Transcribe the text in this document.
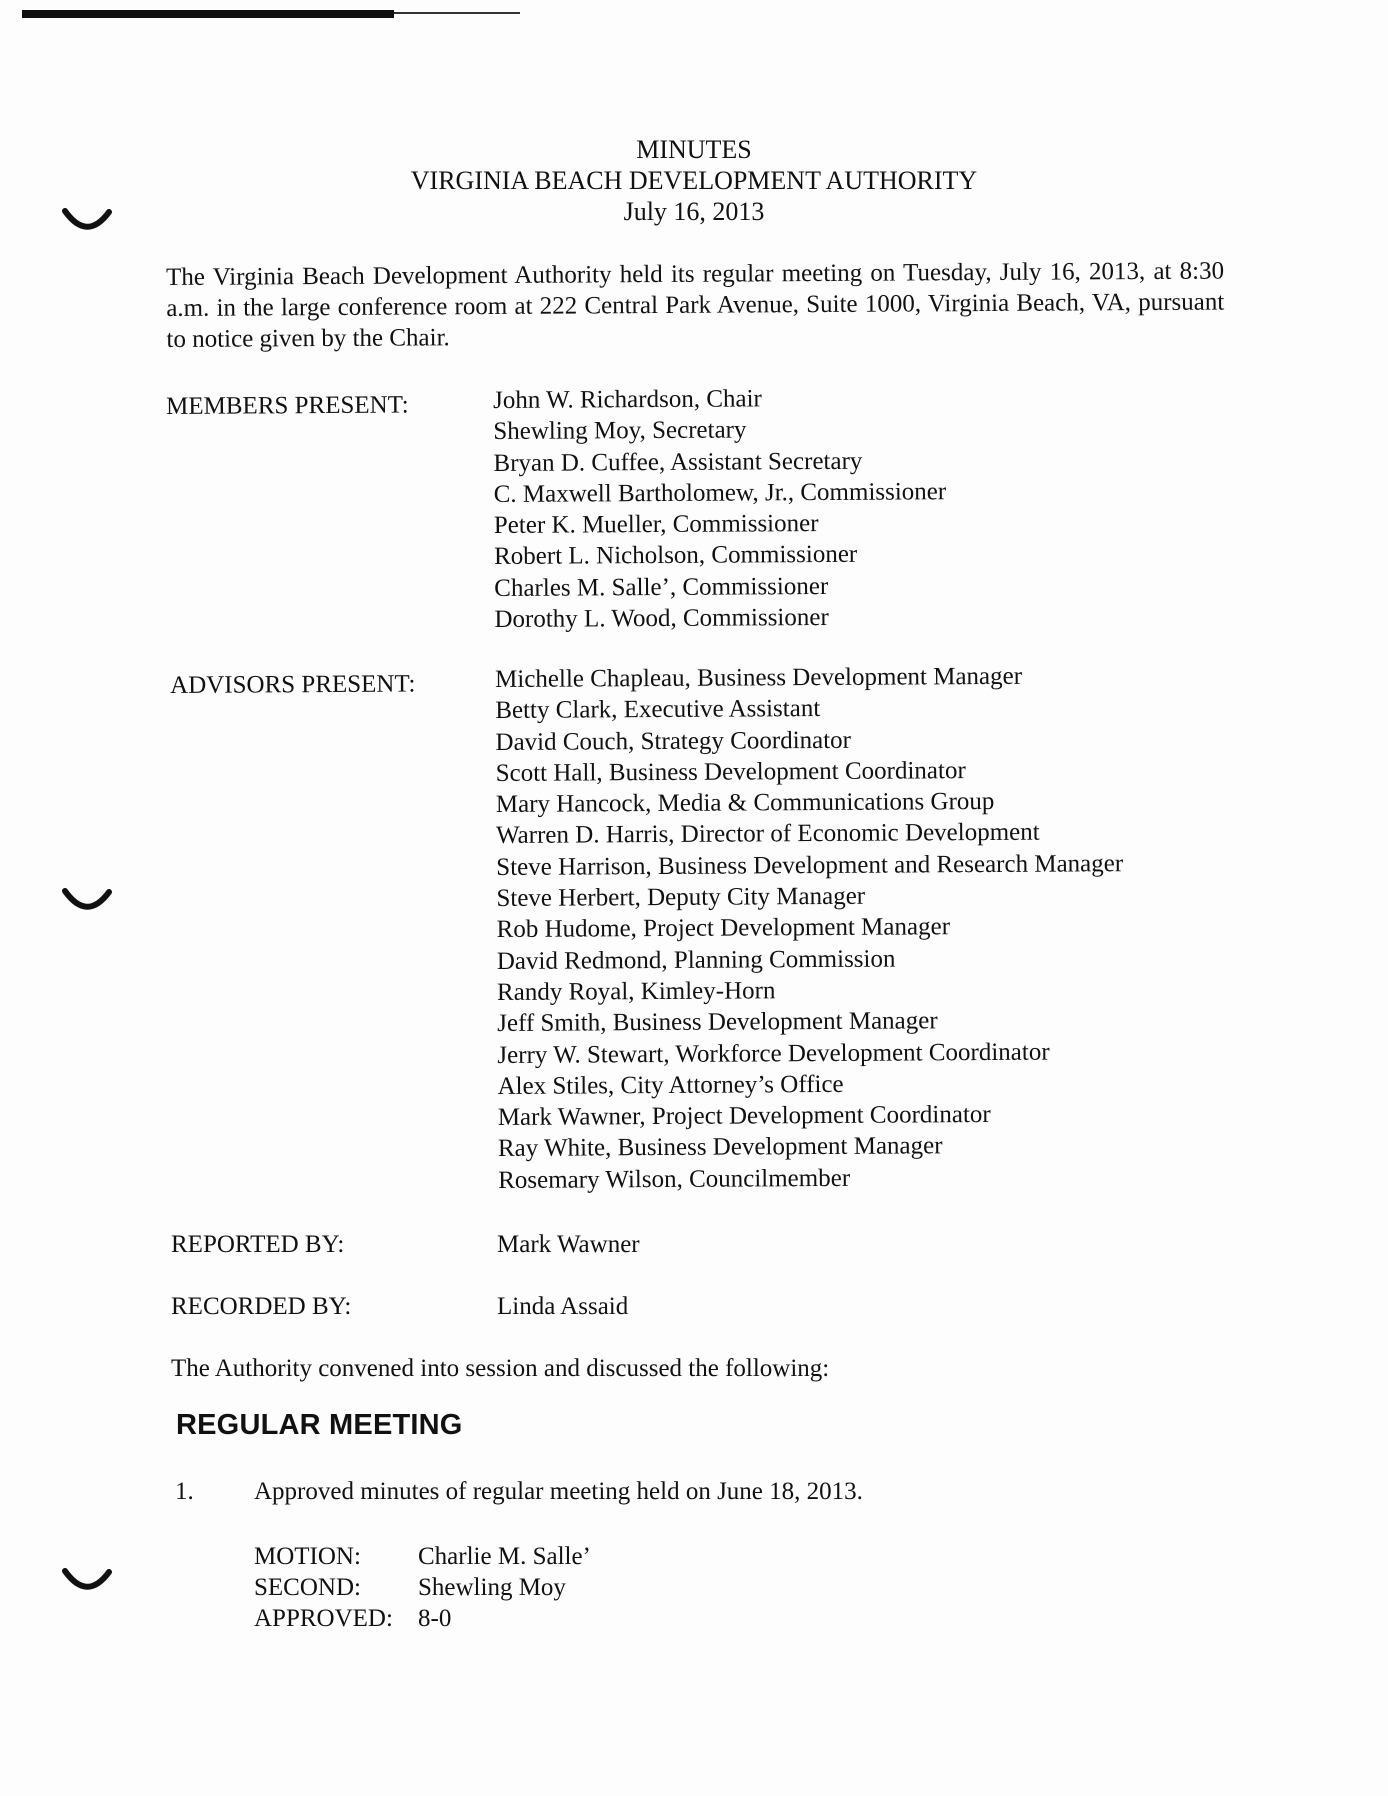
MINUTES
VIRGINIA BEACH DEVELOPMENT AUTHORITY
July 16, 2013
The Virginia Beach Development Authority held its regular meeting on Tuesday, July 16, 2013, at 8:30 a.m. in the large conference room at 222 Central Park Avenue, Suite 1000, Virginia Beach, VA, pursuant to notice given by the Chair.
MEMBERS PRESENT:	John W. Richardson, Chair
Shewling Moy, Secretary
Bryan D. Cuffee, Assistant Secretary
C. Maxwell Bartholomew, Jr., Commissioner
Peter K. Mueller, Commissioner
Robert L. Nicholson, Commissioner
Charles M. Salle’, Commissioner
Dorothy L. Wood, Commissioner
ADVISORS PRESENT:	Michelle Chapleau, Business Development Manager
Betty Clark, Executive Assistant
David Couch, Strategy Coordinator
Scott Hall, Business Development Coordinator
Mary Hancock, Media & Communications Group
Warren D. Harris, Director of Economic Development
Steve Harrison, Business Development and Research Manager
Steve Herbert, Deputy City Manager
Rob Hudome, Project Development Manager
David Redmond, Planning Commission
Randy Royal, Kimley-Horn
Jeff Smith, Business Development Manager
Jerry W. Stewart, Workforce Development Coordinator
Alex Stiles, City Attorney’s Office
Mark Wawner, Project Development Coordinator
Ray White, Business Development Manager
Rosemary Wilson, Councilmember
REPORTED BY:	Mark Wawner
RECORDED BY:	Linda Assaid
The Authority convened into session and discussed the following:
REGULAR MEETING
1. Approved minutes of regular meeting held on June 18, 2013.
MOTION: Charlie M. Salle’
SECOND: Shewling Moy
APPROVED: 8-0
